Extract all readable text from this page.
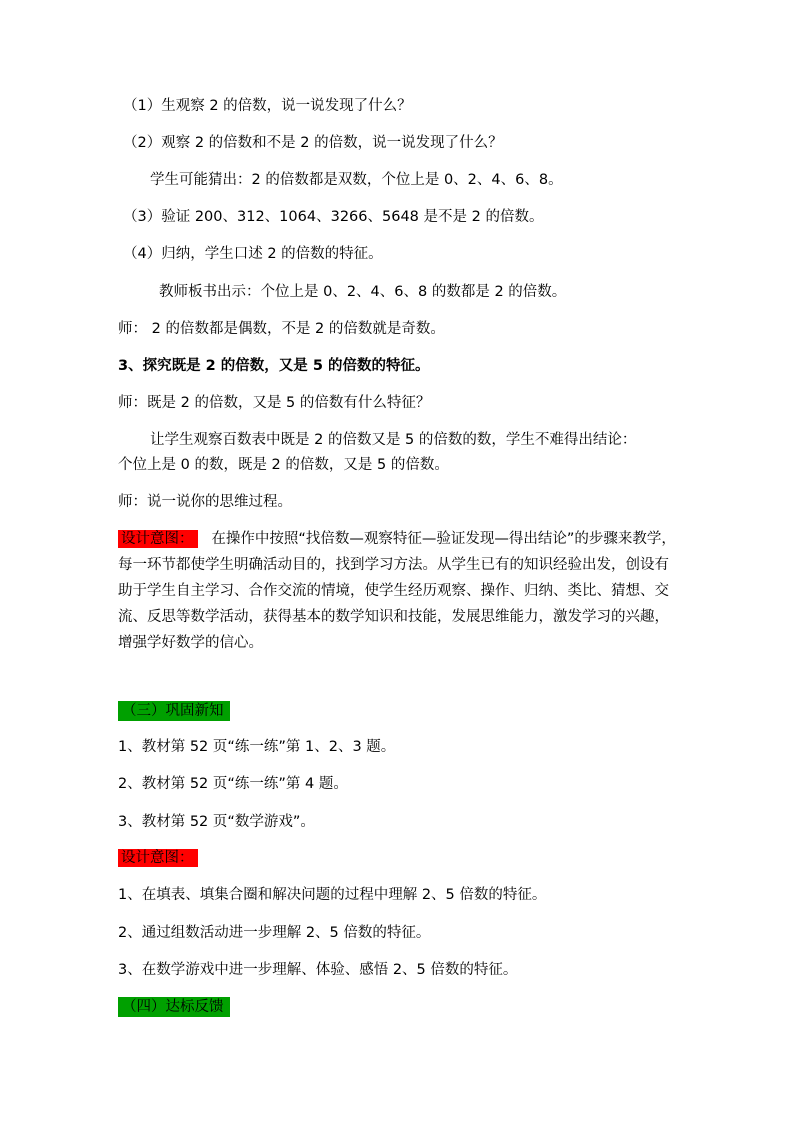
（1）生观察 2 的倍数，说一说发现了什么？
（2）观察 2 的倍数和不是 2 的倍数，说一说发现了什么？
学生可能猜出：2 的倍数都是双数，个位上是 0、2、4、6、8。
（3）验证 200、312、1064、3266、5648 是不是 2 的倍数。
（4）归纳，学生口述 2 的倍数的特征。
教师板书出示：个位上是 0、2、4、6、8 的数都是 2 的倍数。
师： 2 的倍数都是偶数，不是 2 的倍数就是奇数。
3、探究既是 2 的倍数，又是 5 的倍数的特征。
师：既是 2 的倍数，又是 5 的倍数有什么特征？
让学生观察百数表中既是 2 的倍数又是 5 的倍数的数，学生不难得出结论：
个位上是 0 的数，既是 2 的倍数，又是 5 的倍数。
师：说一说你的思维过程。
设计意图： 在操作中按照“找倍数—观察特征—验证发现—得出结论”的步骤来教学，每一环节都使学生明确活动目的，找到学习方法。从学生已有的知识经验出发，创设有助于学生自主学习、合作交流的情境，使学生经历观察、操作、归纳、类比、猜想、交流、反思等数学活动，获得基本的数学知识和技能，发展思维能力，激发学习的兴趣，增强学好数学的信心。
（三）巩固新知
1、教材第 52 页“练一练”第 1、2、3 题。
2、教材第 52 页“练一练”第 4 题。
3、教材第 52 页“数学游戏”。
设计意图：
1、在填表、填集合圈和解决问题的过程中理解 2、5 倍数的特征。
2、通过组数活动进一步理解 2、5 倍数的特征。
3、在数学游戏中进一步理解、体验、感悟 2、5 倍数的特征。
（四）达标反馈
